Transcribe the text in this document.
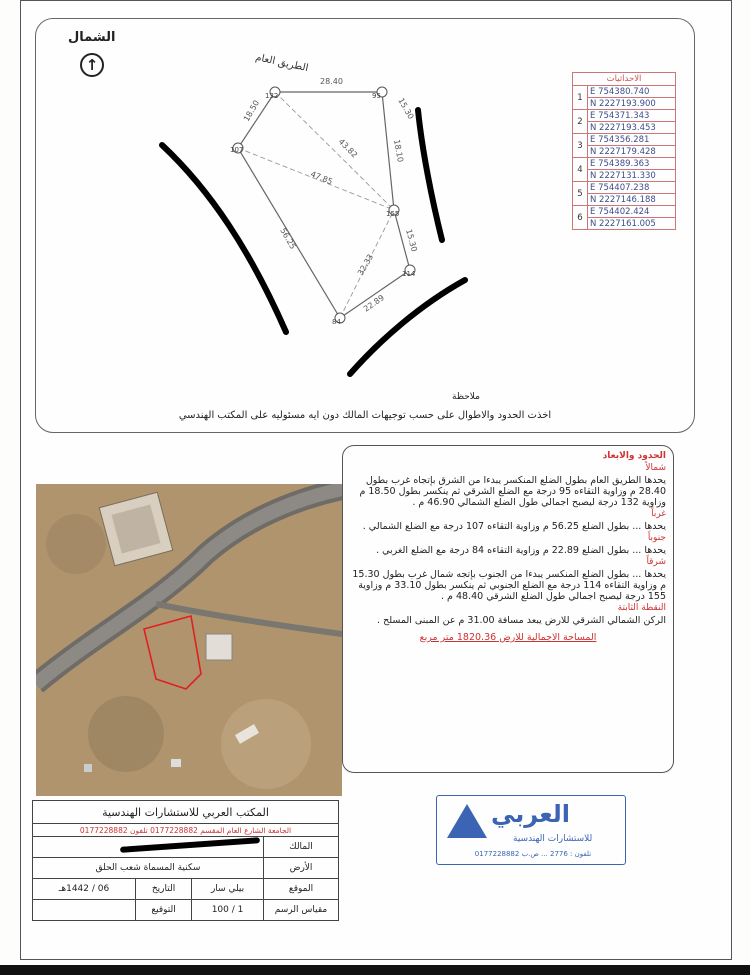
الشمال
↑	الطريق العام
28.40
15.30
18.10
15.30
22.89
56.25
18.50
43.82
47.85
32.33
132	95
107
84
114
155
الاحداثيات	
1	E 754380.740
	N 2227193.900
2	E 754371.343
	N 2227193.453
3	E 754356.281
	N 2227179.428
4	E 754389.363
	N 2227131.330
5	E 754407.238
	N 2227146.188
6	E 754402.424
	N 2227161.005
ملاحظة
اخذت الحدود والاطوال على حسب توجيهات المالك دون ايه مسئوليه على المكتب الهندسي

الحدود والابعاد

شمالاً

يحدها الطريق العام بطول الضلع المنكسر يبدءا من الشرق بإتجاه غرب بطول 28.40 م وزاوية التقاءه 95 درجة مع الضلع الشرقي ثم ينكسر بطول 18.50 م وزاوية 132 درجة ليصبح اجمالي طول الضلع الشمالي 46.90 م .

غرباً

يحدها ... بطول الضلع 56.25 م وزاوية التقاءه 107 درجة مع الضلع الشمالي .

جنوباً

يحدها ... بطول الضلع 22.89 م وزاوية التقاءه 84 درجة مع الضلع الغربي .

شرقاً

يحدها ... بطول الضلع المنكسر يبدءا من الجنوب بإتجه شمال غرب بطول 15.30 م وزاوية التقاءه 114 درجة مع الضلع الجنوبي ثم ينكسر بطول 33.10 م وزاوية 155 درجة ليصبح اجمالي طول الضلع الشرقي 48.40 م .

النقطة الثابتة

الركن الشمالي الشرقي للارض يبعد مسافة 31.00 م عن المبنى المسلح .

المساحة الاجمالية للارض 1820.36 متر مربع

المكتب العربي للاستشارات الهندسية			
الجامعة الشارع العام المقسم 0177228882 تلفون 0177228882			
المالك			
الأرض	سكنية المسماة شعب الحلق		
الموقع	بيلي سار	التاريخ	06 / 1442هـ
مقياس الرسم	1 / 100	التوقيع	
العربي
للاستشارات الهندسية
تلفون : 2776 ... ص.ب 0177228882
